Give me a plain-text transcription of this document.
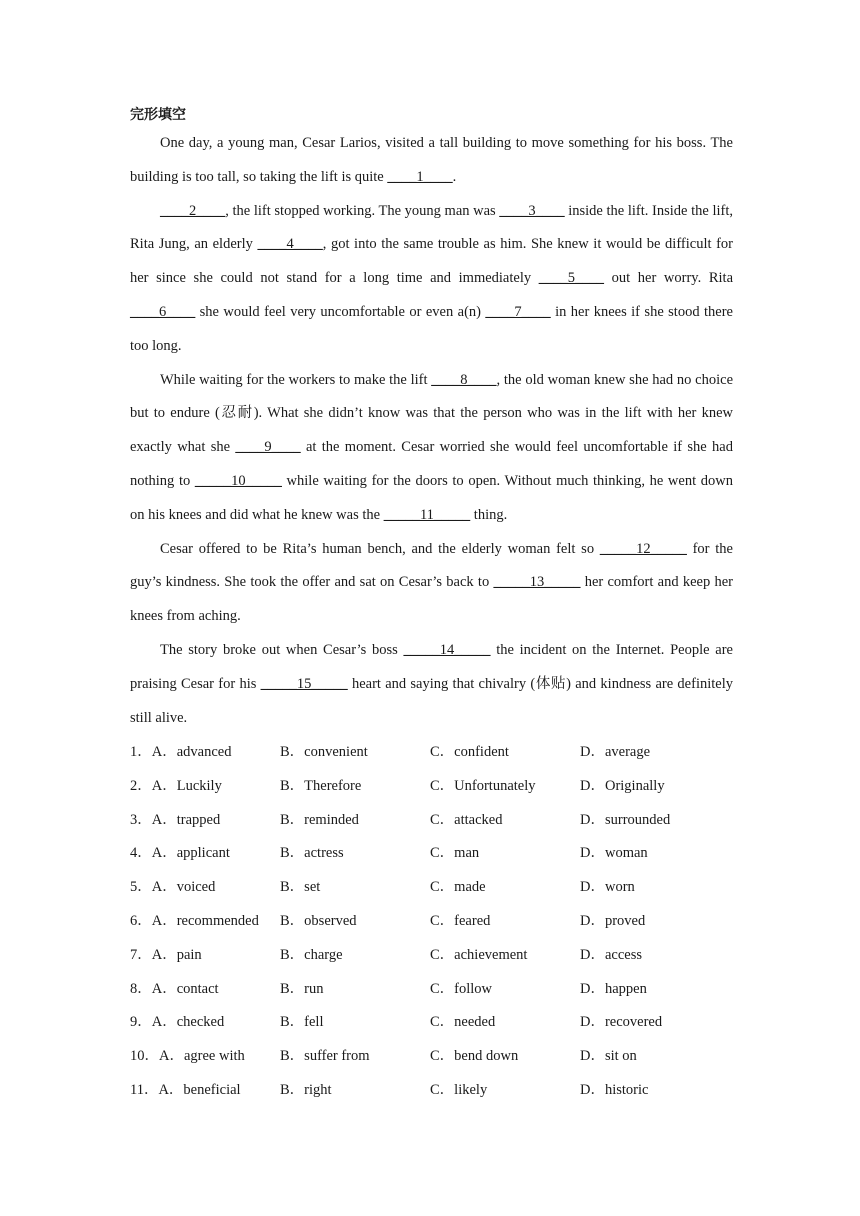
完形填空

One day, a young man, Cesar Larios, visited a tall building to move something for his boss. The building is too tall, so taking the lift is quite ____1____.

____2____, the lift stopped working. The young man was ____3____ inside the lift. Inside the lift, Rita Jung, an elderly ____4____, got into the same trouble as him. She knew it would be difficult for her since she could not stand for a long time and immediately ____5____ out her worry. Rita ____6____ she would feel very uncomfortable or even a(n) ____7____ in her knees if she stood there too long.

While waiting for the workers to make the lift ____8____, the old woman knew she had no choice but to endure (忍耐). What she didn’t know was that the person who was in the lift with her knew exactly what she ____9____ at the moment. Cesar worried she would feel uncomfortable if she had nothing to _____10_____ while waiting for the doors to open. Without much thinking, he went down on his knees and did what he knew was the _____11_____ thing.

Cesar offered to be Rita’s human bench, and the elderly woman felt so _____12_____ for the guy’s kindness. She took the offer and sat on Cesar’s back to _____13_____ her comfort and keep her knees from aching.

The story broke out when Cesar’s boss _____14_____ the incident on the Internet. People are praising Cesar for his _____15_____ heart and saying that chivalry (体贴) and kindness are definitely still alive.

1．A．advanced	B．convenient	C．confident	D．average
2．A．Luckily	B．Therefore	C．Unfortunately	D．Originally
3．A．trapped	B．reminded	C．attacked	D．surrounded
4．A．applicant	B．actress	C．man	D．woman
5．A．voiced	B．set	C．made	D．worn
6．A．recommended B．observed	C．feared	D．proved
7．A．pain	B．charge	C．achievement	D．access
8．A．contact	B．run	C．follow	D．happen
9．A．checked	B．fell	C．needed	D．recovered
10．A．agree with B．suffer from	C．bend down	D．sit on
11．A．beneficial	B．right	C．likely	D．historic
